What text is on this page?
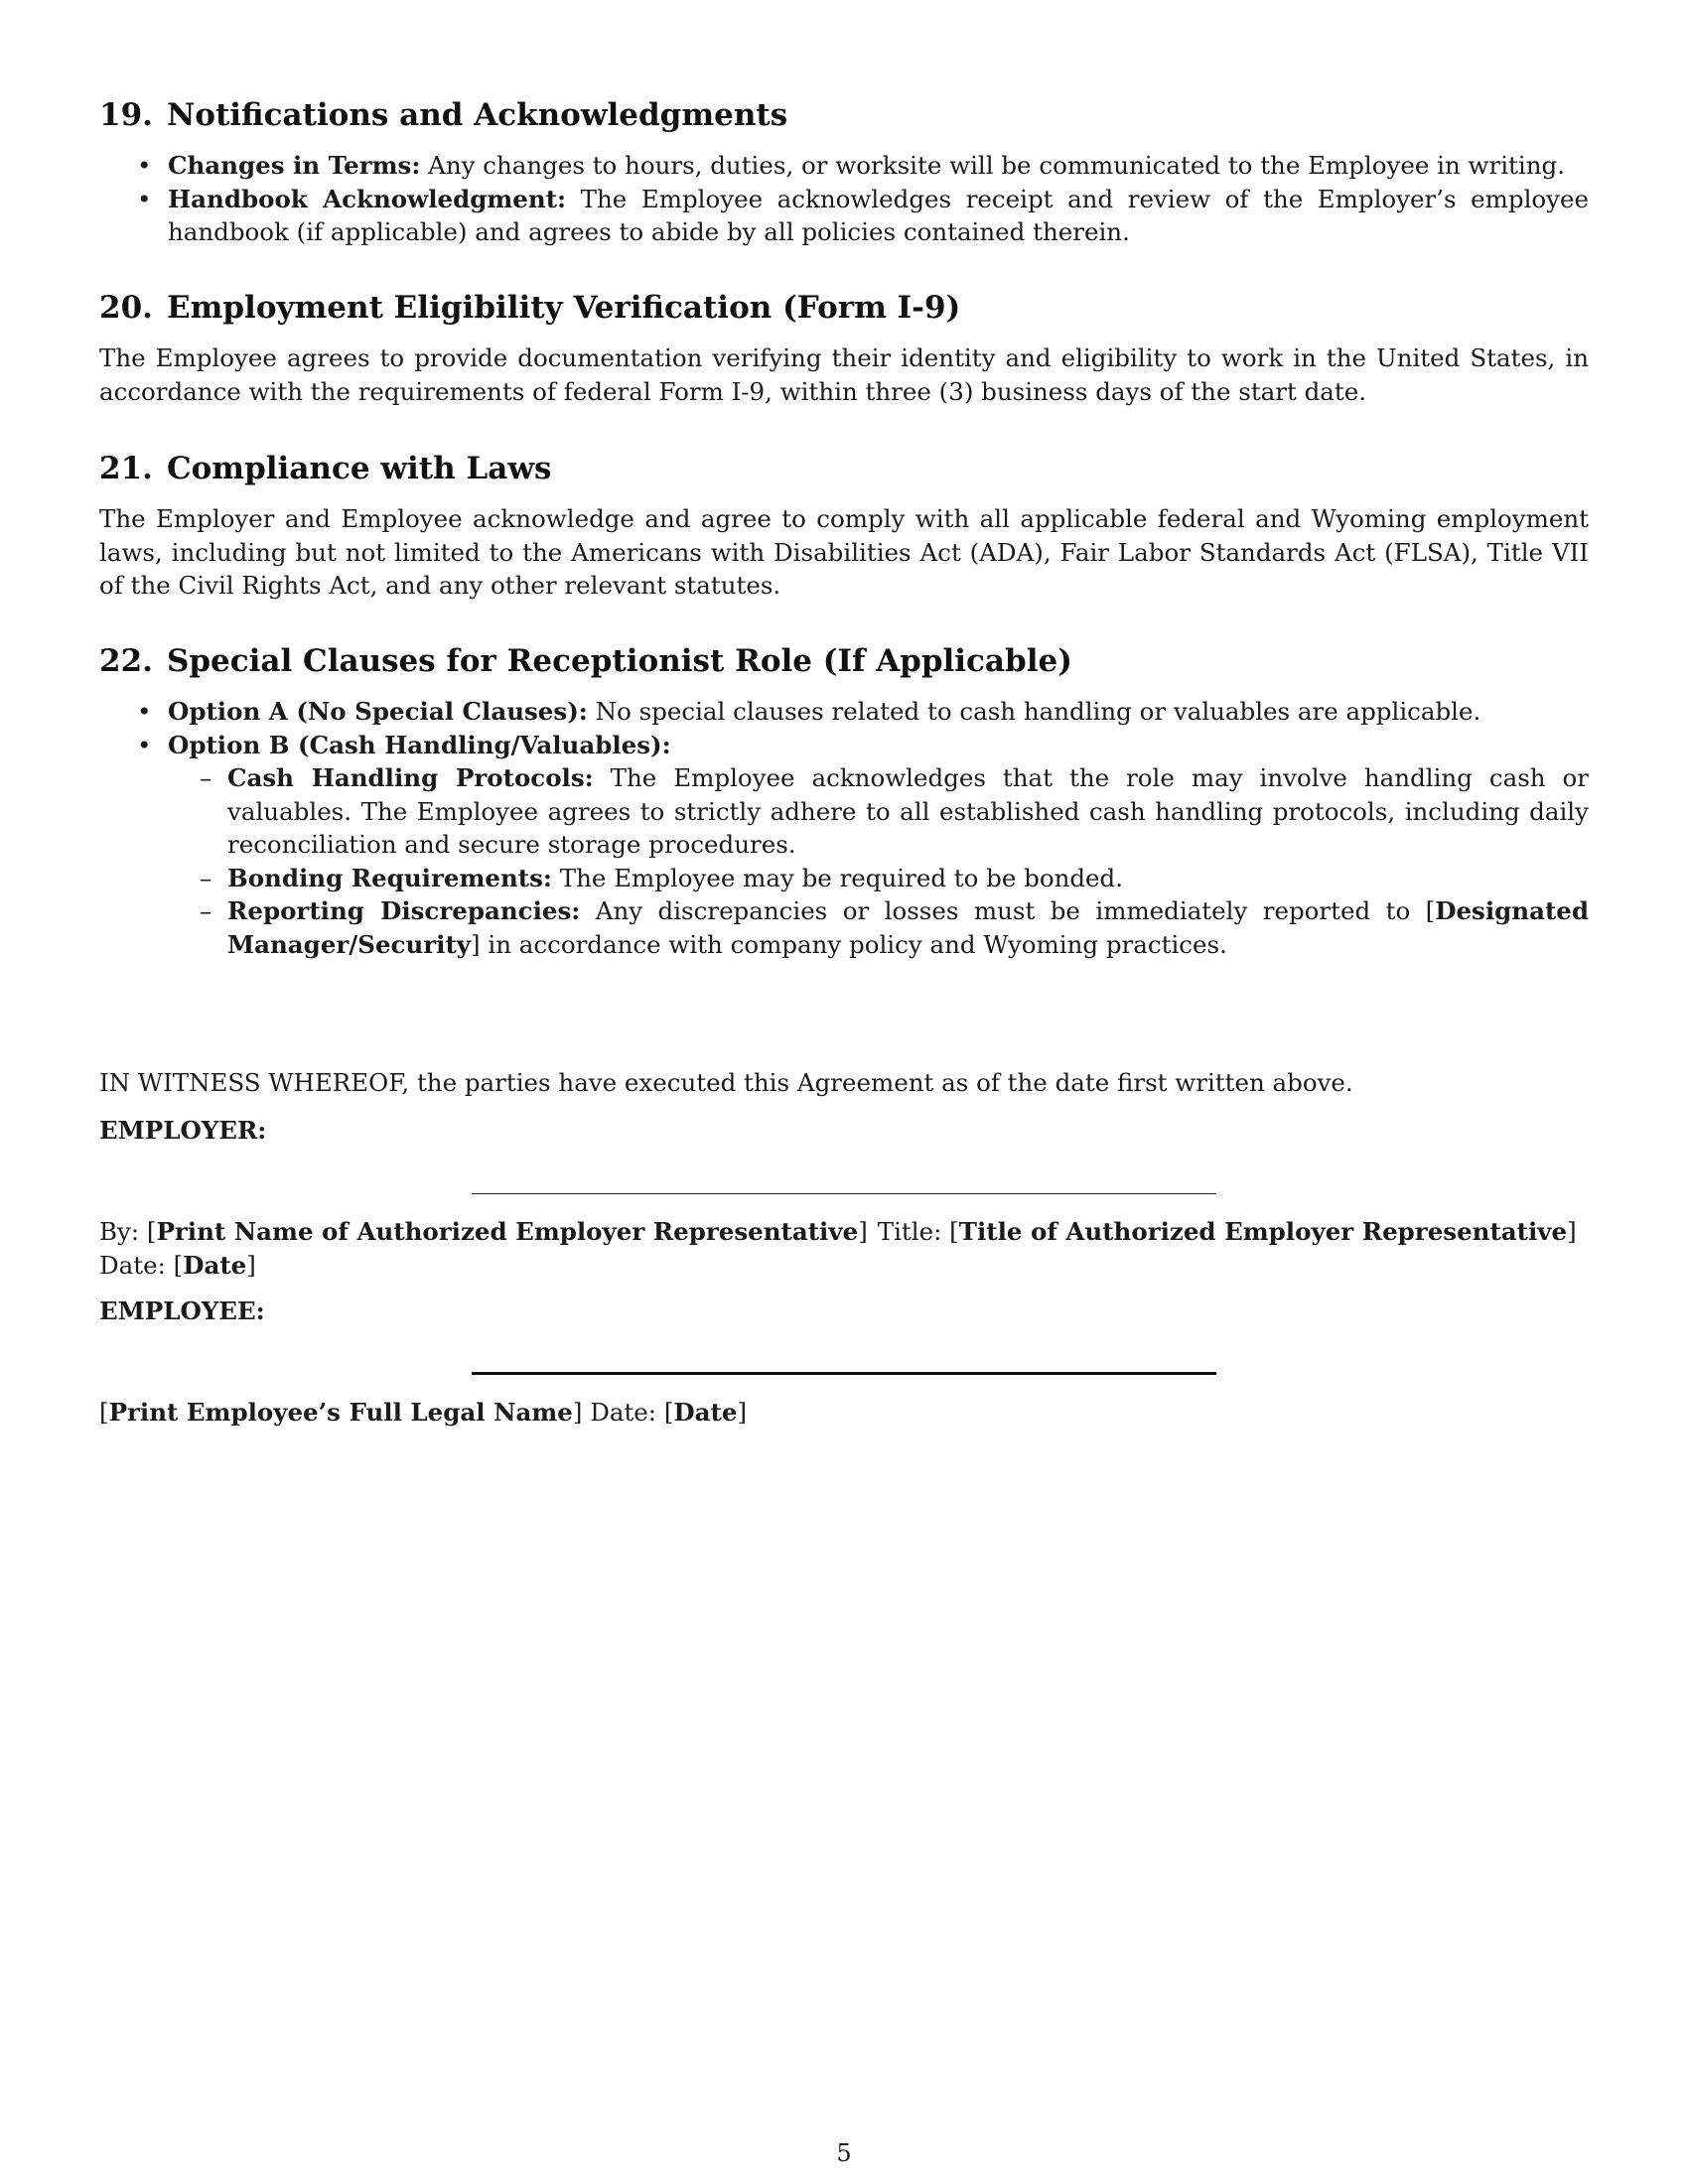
19. Notifications and Acknowledgments
• Changes in Terms: Any changes to hours, duties, or worksite will be communicated to the Employee in writing.
• Handbook Acknowledgment: The Employee acknowledges receipt and review of the Employer’s employee handbook (if applicable) and agrees to abide by all policies contained therein.
20. Employment Eligibility Verification (Form I-9)

The Employee agrees to provide documentation verifying their identity and eligibility to work in the United States, in accordance with the requirements of federal Form I-9, within three (3) business days of the start date.

21. Compliance with Laws

The Employer and Employee acknowledge and agree to comply with all applicable federal and Wyoming employment laws, including but not limited to the Americans with Disabilities Act (ADA), Fair Labor Standards Act (FLSA), Title VII of the Civil Rights Act, and any other relevant statutes.

22. Special Clauses for Receptionist Role (If Applicable)
• Option A (No Special Clauses): No special clauses related to cash handling or valuables are applicable.
• Option B (Cash Handling/Valuables):
– Cash Handling Protocols: The Employee acknowledges that the role may involve handling cash or valuables. The Employee agrees to strictly adhere to all established cash handling protocols, including daily reconciliation and secure storage procedures.
– Bonding Requirements: The Employee may be required to be bonded.
– Reporting Discrepancies: Any discrepancies or losses must be immediately reported to [Designated Manager/Security] in accordance with company policy and Wyoming practices.

IN WITNESS WHEREOF, the parties have executed this Agreement as of the date first written above.

EMPLOYER:
By: [Print Name of Authorized Employer Representative] Title: [Title of Authorized Employer Representative]
Date: [Date]
EMPLOYEE:
[Print Employee’s Full Legal Name] Date: [Date]
5
